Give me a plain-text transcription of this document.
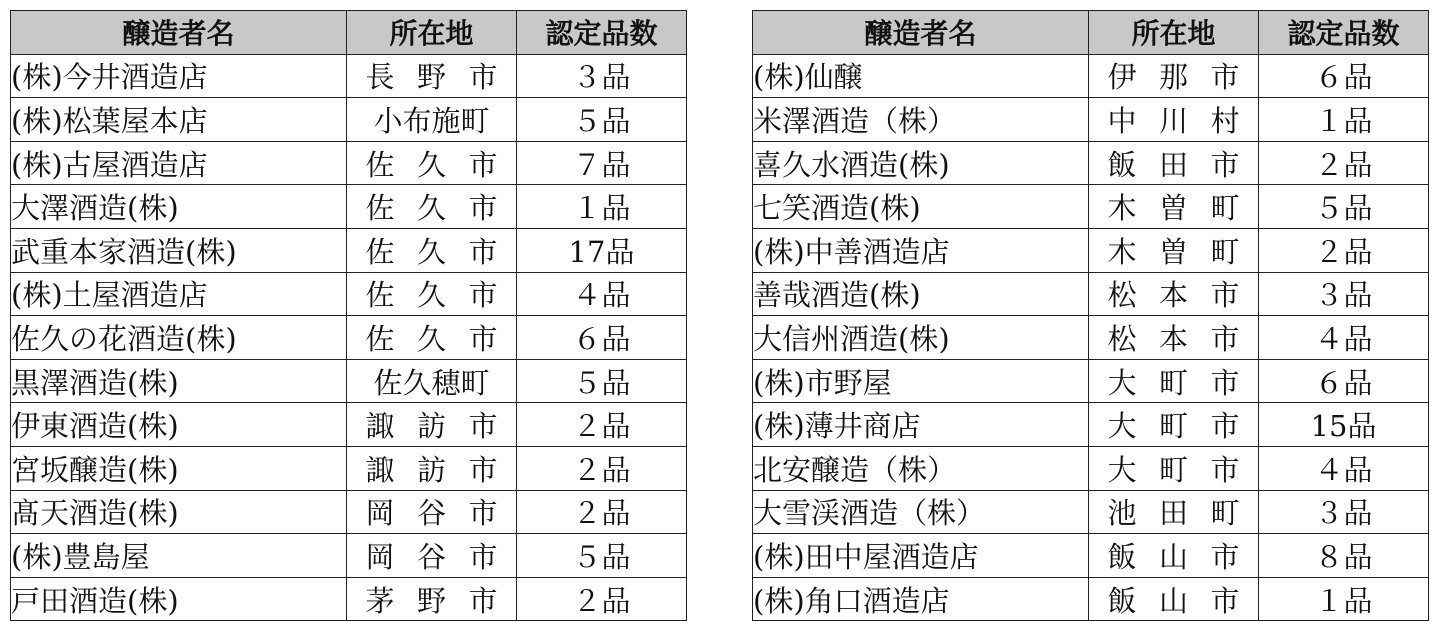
醸造者名	所在地	認定品数
(株)今井酒造店	長 野 市	３品
(株)松葉屋本店	小布施町	５品
(株)古屋酒造店	佐 久 市	７品
大澤酒造(株)	佐 久 市	１品
武重本家酒造(株)	佐 久 市	17品
(株)土屋酒造店	佐 久 市	４品
佐久の花酒造(株)	佐 久 市	６品
黒澤酒造(株)	佐久穂町	５品
伊東酒造(株)	諏 訪 市	２品
宮坂醸造(株)	諏 訪 市	２品
髙天酒造(株)	岡 谷 市	２品
(株)豊島屋	岡 谷 市	５品
戸田酒造(株)	茅 野 市	２品
醸造者名	所在地	認定品数
(株)仙醸	伊 那 市	６品
米澤酒造（株）	中 川 村	１品
喜久水酒造(株)	飯 田 市	２品
七笑酒造(株)	木 曽 町	５品
(株)中善酒造店	木 曽 町	２品
善哉酒造(株)	松 本 市	３品
大信州酒造(株)	松 本 市	４品
(株)市野屋	大 町 市	６品
(株)薄井商店	大 町 市	15品
北安醸造（株）	大 町 市	４品
大雪渓酒造（株）	池 田 町	３品
(株)田中屋酒造店	飯 山 市	８品
(株)角口酒造店	飯 山 市	１品
